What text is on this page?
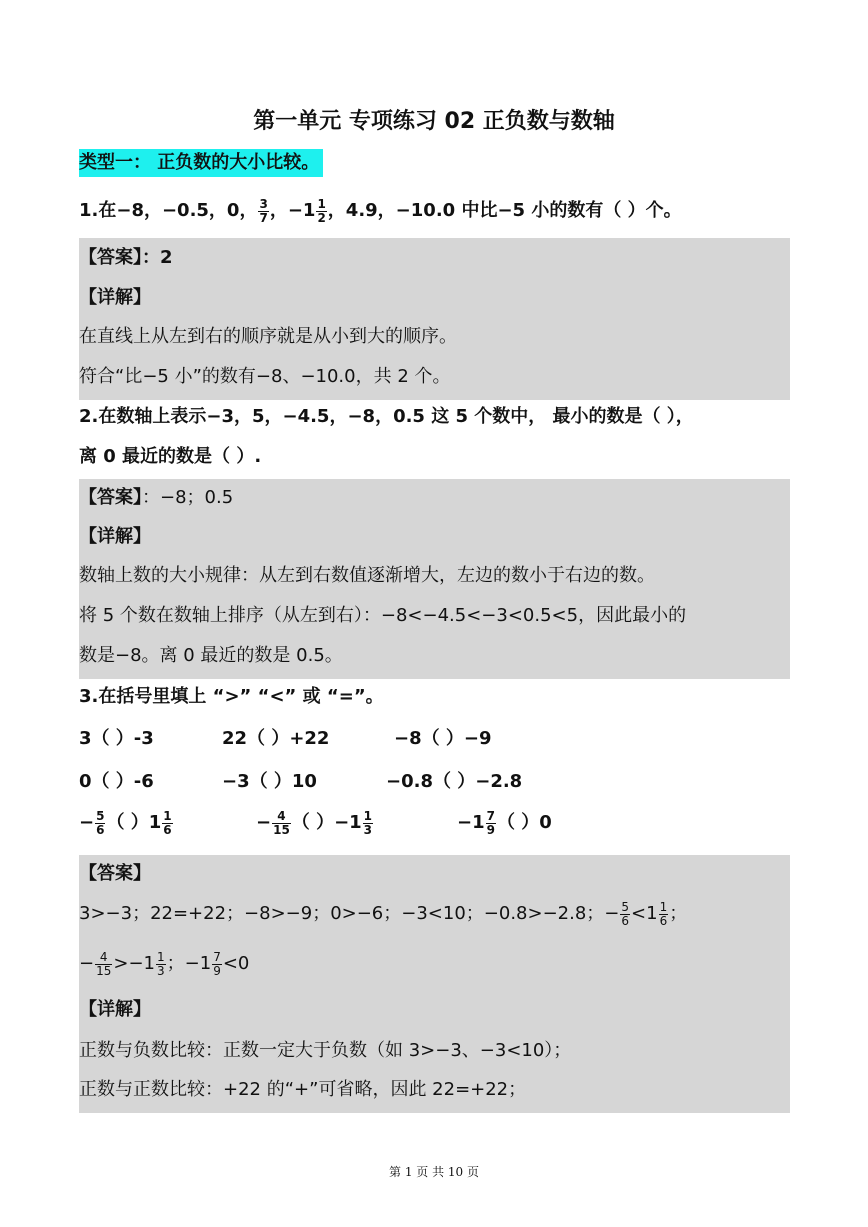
第一单元 专项练习 02 正负数与数轴
类型一： 正负数的大小比较。
1.在−8，−0.5，0， $\frac{3}{7}$ ，$-1 \frac{1}{2}$ ，4.9，−10.0 中比−5 小的数有（ ）个。
【答案】：2
【详解】
在直线上从左到右的顺序就是从小到大的顺序。
符合“比−5 小”的数有−8、−10.0，共 2 个。
2.在数轴上表示−3，5，−4.5，−8，0.5 这 5 个数中， 最小的数是（ ），
离 0 最近的数是（ ）.
【答案】：−8；0.5
【详解】
数轴上数的大小规律：从左到右数值逐渐增大，左边的数小于右边的数。
将 5 个数在数轴上排序（从左到右）：−8<−4.5<−3<0.5<5，因此最小的
数是−8。离 0 最近的数是 0.5。
3.在括号里填上 “>” “<” 或 “=”。
3（ ）-3	22（ ）+22	−8（ ）−9
0（ ）-6	−3（ ）10	−0.8（ ）−2.8
− $\frac{5}{6}$ （ ）$1 \frac{1}{6}$	− $\frac{4}{15}$ （ ）$-1 \frac{1}{3}$	$-1 \frac{7}{9}$ （ ）0
【答案】
3>−3；22=+22；−8>−9；0>−6；−3<10；−0.8>−2.8；− $\frac{5}{6} <1 \frac{1}{6}$ ；
− $\frac{4}{15} >-1 \frac{1}{3}$ ；$-1 \frac{7}{9} <0$
【详解】
正数与负数比较：正数一定大于负数（如 3>−3、−3<10）；
正数与正数比较：+22 的“+”可省略，因此 22=+22；
第 1 页 共 10 页
